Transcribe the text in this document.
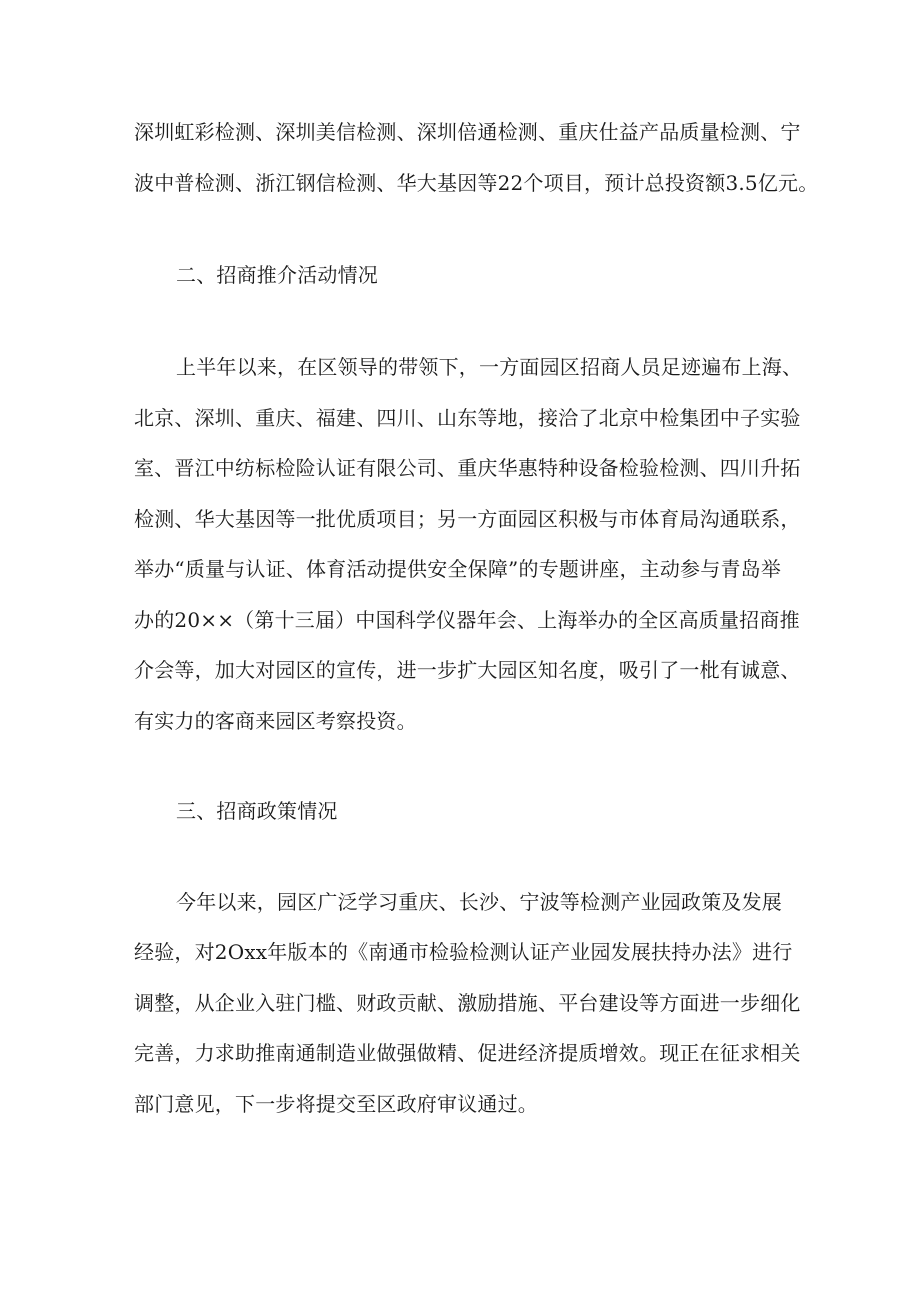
深圳虹彩检测、深圳美信检测、深圳倍通检测、重庆仕益产品质量检测、宁
波中普检测、浙江钢信检测、华大基因等22个项目，预计总投资额3.5亿元。
二、招商推介活动情况
上半年以来，在区领导的带领下，一方面园区招商人员足迹遍布上海、
北京、深圳、重庆、福建、四川、山东等地，接洽了北京中检集团中子实验
室、晋江中纺标检险认证有限公司、重庆华惠特种设备检验检测、四川升拓
检测、华大基因等一批优质项目；另一方面园区积极与市体育局沟通联系，
举办“质量与认证、体育活动提供安全保障”的专题讲座，主动参与青岛举
办的20××（第十三届）中国科学仪器年会、上海举办的全区高质量招商推
介会等，加大对园区的宣传，进一步扩大园区知名度，吸引了一枇有诚意、
有实力的客商来园区考察投资。
三、招商政策情况
今年以来，园区广泛学习重庆、长沙、宁波等检测产业园政策及发展
经验，对2Oxx年版本的《南通市检验检测认证产业园发展扶持办法》进行
调整，从企业入驻门槛、财政贡献、激励措施、平台建设等方面进一步细化
完善，力求助推南通制造业做强做精、促进经济提质增效。现正在征求相关
部门意见，下一步将提交至区政府审议通过。
